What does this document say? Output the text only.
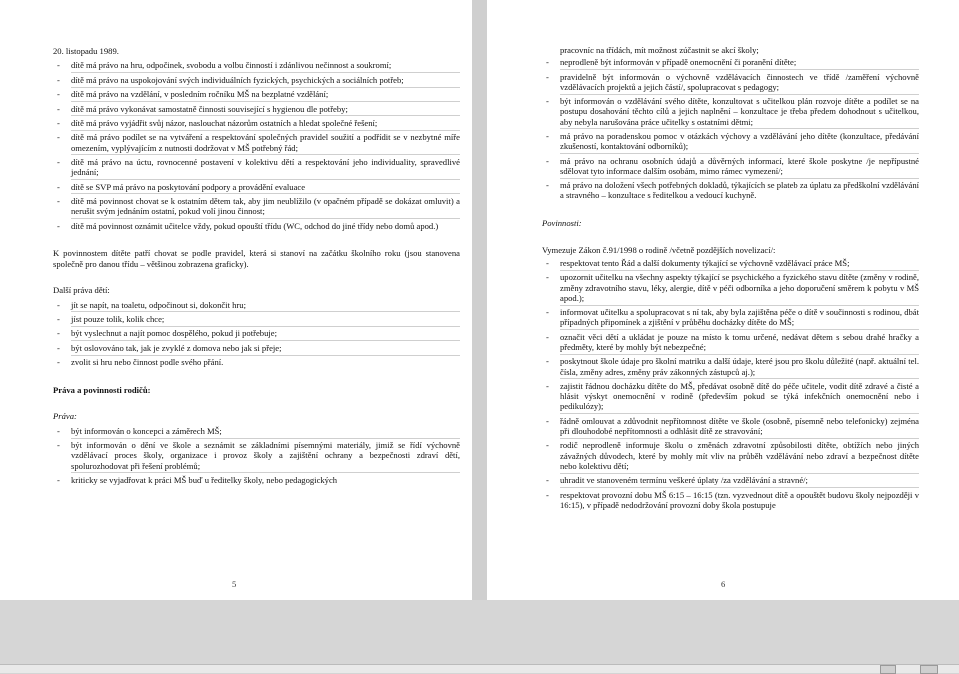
20. listopadu 1989.

- dítě má právo na hru, odpočinek, svobodu a volbu činností i zdánlivou nečinnost a soukromí;
- dítě má právo na uspokojování svých individuálních fyzických, psychických a sociálních potřeb;
- dítě má právo na vzdělání, v posledním ročníku MŠ na bezplatné vzdělání;
- dítě má právo vykonávat samostatně činnosti související s hygienou dle potřeby;
- dítě má právo vyjádřit svůj názor, naslouchat názorům ostatních a hledat společné řešení;
- dítě má právo podílet se na vytváření a respektování společných pravidel soužití a podřídit se v nezbytné míře omezením, vyplývajícím z nutnosti dodržovat v MŠ potřebný řád;
- dítě má právo na úctu, rovnocenné postavení v kolektivu dětí a respektování jeho individuality, spravedlivé jednání;
- dítě se SVP má právo na poskytování podpory a provádění evaluace
- dítě má povinnost chovat se k ostatním dětem tak, aby jim neublížilo (v opačném případě se dokázat omluvit) a nerušit svým jednáním ostatní, pokud volí jinou činnost;
- dítě má povinnost oznámit učitelce vždy, pokud opouští třídu (WC, odchod do jiné třídy nebo domů apod.)

K povinnostem dítěte patří chovat se podle pravidel, která si stanoví na začátku školního roku (jsou stanovena společně pro danou třídu – většinou zobrazena graficky).

Další práva dětí:

- jít se napít, na toaletu, odpočinout si, dokončit hru;
- jíst pouze tolik, kolik chce;
- být vyslechnut a najít pomoc dospělého, pokud ji potřebuje;
- být oslovováno tak, jak je zvyklé z domova nebo jak si přeje;
- zvolit si hru nebo činnost podle svého přání.

Práva a povinnosti rodičů:

Práva:

- být informován o koncepci a záměrech MŠ;
- být informován o dění ve škole a seznámit se základními písemnými materiály, jimiž se řídí výchovně vzdělávací proces školy, organizace i provoz školy a zajištění ochrany a bezpečnosti zdraví dětí, spolurozhodovat při řešení problémů;
- kriticky se vyjadřovat k práci MŠ buď u ředitelky školy, nebo pedagogických
5
pracovníc na třídách, mít možnost zúčastnit se akcí školy;
- neprodleně být informován v případě onemocnění či poranění dítěte;
- pravidelně být informován o výchovně vzdělávacích činnostech ve třídě /zaměření výchovně vzdělávacích projektů a jejich částí/, spolupracovat s pedagogy;
- být informován o vzdělávání svého dítěte, konzultovat s učitelkou plán rozvoje dítěte a podílet se na postupu dosahování těchto cílů a jejich naplnění – konzultace je třeba předem dohodnout s učitelkou, aby nebyla narušována práce učitelky s ostatními dětmi;
- má právo na poradenskou pomoc v otázkách výchovy a vzdělávání jeho dítěte (konzultace, předávání zkušeností, kontaktování odborníků);
- má právo na ochranu osobních údajů a důvěrných informací, které škole poskytne /je nepřípustné sdělovat tyto informace dalším osobám, mimo rámec vymezení/;
- má právo na doložení všech potřebných dokladů, týkajících se plateb za úplatu za předškolní vzdělávání a stravného – konzultace s ředitelkou a vedoucí kuchyně.

Povinnosti:

Vymezuje Zákon č.91/1998 o rodině /včetně pozdějších novelizací/:

- respektovat tento Řád a další dokumenty týkající se výchovně vzdělávací práce MŠ;
- upozornit učitelku na všechny aspekty týkající se psychického a fyzického stavu dítěte (změny v rodině, změny zdravotního stavu, léky, alergie, dítě v péči odborníka a jeho doporučení směrem k pobytu v MŠ apod.);
- informovat učitelku a spolupracovat s ní tak, aby byla zajištěna péče o dítě v součinnosti s rodinou, dbát případných připomínek a zjištění v průběhu docházky dítěte do MŠ;
- označit věci dětí a ukládat je pouze na místo k tomu určené, nedávat dětem s sebou drahé hračky a předměty, které by mohly být nebezpečné;
- poskytnout škole údaje pro školní matriku a další údaje, které jsou pro školu důležité (např. aktuální tel. čísla, změny adres, změny práv zákonných zástupců aj.);
- zajistit řádnou docházku dítěte do MŠ, předávat osobně dítě do péče učitele, vodit dítě zdravé a čisté a hlásit výskyt onemocnění v rodině (především pokud se týká infekčních onemocnění nebo i pedikulózy);
- řádně omlouvat a zdůvodnit nepřítomnost dítěte ve škole (osobně, písemně nebo telefonicky) zejména při dlouhodobé nepřítomnosti a odhlásit dítě ze stravování;
- rodič neprodleně informuje školu o změnách zdravotní způsobilosti dítěte, obtížích nebo jiných závažných důvodech, které by mohly mít vliv na průběh vzdělávání nebo zdraví a bezpečnost dítěte nebo kolektivu dětí;
- uhradit ve stanoveném termínu veškeré úplaty /za vzdělávání a stravné/;
- respektovat provozní dobu MŠ 6:15 – 16:15 (tzn. vyzvednout dítě a opouštět budovu školy nejpozději v 16:15), v případě nedodržování provozní doby škola postupuje
6
